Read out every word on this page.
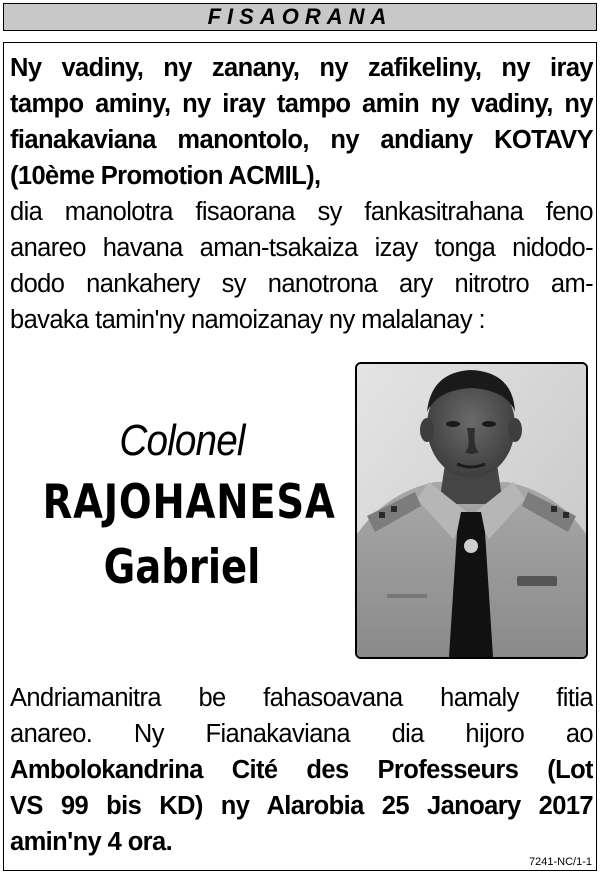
FISAORANA
Ny vadiny, ny zanany, ny zafikeliny, ny iray
tampo aminy, ny iray tampo amin ny vadiny, ny
fianakaviana manontolo, ny andiany KOTAVY
(10ème Promotion ACMIL),
dia manolotra fisaorana sy fankasitrahana feno
anareo havana aman-tsakaiza izay tonga nidodo-
dodo nankahery sy nanotrona ary nitrotro am-
bavaka tamin'ny namoizanay ny malalanay :
Colonel
RAJOHANESA
Gabriel
Andriamanitra be fahasoavana hamaly fitia
anareo. Ny Fianakaviana dia hijoro ao
Ambolokandrina Cité des Professeurs (Lot
VS 99 bis KD) ny Alarobia 25 Janoary 2017
amin'ny 4 ora.
7241-NC/1-1
